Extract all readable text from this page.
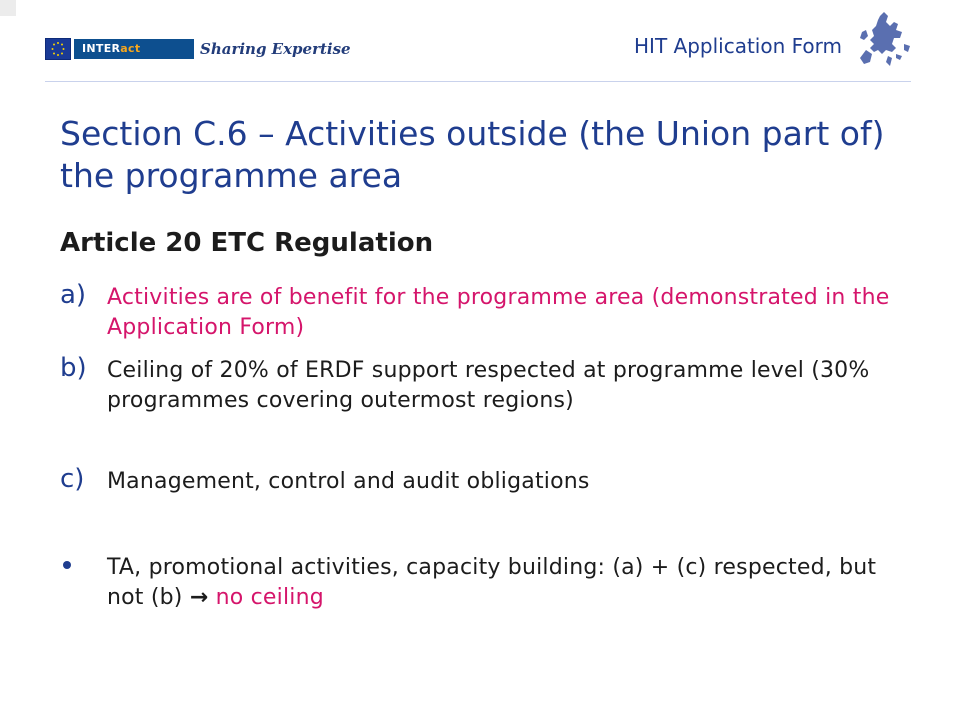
INTERact	Sharing Expertise	HIT Application Form
Section C.6 – Activities outside (the Union part of) the programme area
Article 20 ETC Regulation
a) Activities are of benefit for the programme area (demonstrated in the Application Form)
b) Ceiling of 20% of ERDF support respected at programme level (30% programmes covering outermost regions)
c) Management, control and audit obligations
TA, promotional activities, capacity building: (a) + (c) respected, but not (b) → no ceiling
